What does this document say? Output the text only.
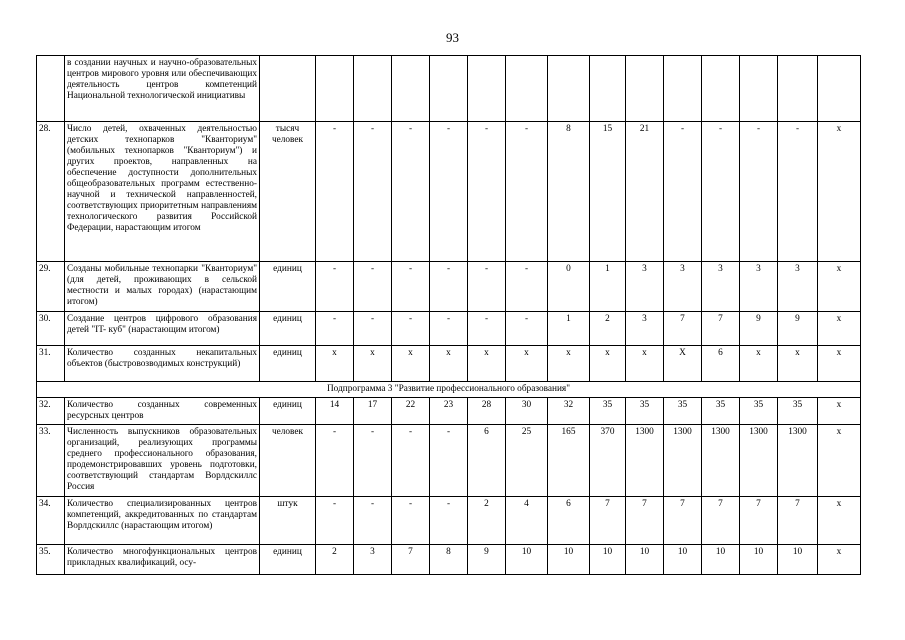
93
	в создании научных и научно-образовательных центров мирового уровня или обеспечивающих деятельность центров компетенций Национальной технологической инициативы															
28.	Число детей, охваченных деятельностью детских технопарков "Кванториум" (мобильных технопарков "Кванториум") и других проектов, направленных на обеспечение доступности дополнительных общеобразовательных программ естественно-научной и технической направленностей, соответствующих приоритетным направлениям технологического развития Российской Федерации, нарастающим итогом	тысяч человек	-	-	-	-	-	-	8	15	21	-	-	-	-	x
29.	Созданы мобильные технопарки "Кванториум" (для детей, проживающих в сельской местности и малых городах) (нарастающим итогом)	единиц	-	-	-	-	-	-	0	1	3	3	3	3	3	x
30.	Создание центров цифрового образования детей "IT- куб" (нарастающим итогом)	единиц	-	-	-	-	-	-	1	2	3	7	7	9	9	x
31.	Количество созданных некапитальных объектов (быстровозводимых конструкций)	единиц	x	x	x	x	x	x	x	x	x	X	6	x	x	x
Подпрограмма 3 "Развитие профессионального образования"																
32.	Количество созданных современных ресурсных центров	единиц	14	17	22	23	28	30	32	35	35	35	35	35	35	x
33.	Численность выпускников образовательных организаций, реализующих программы среднего профессионального образования, продемонстрировавших уровень подготовки, соответствующий стандартам Ворлдскиллс Россия	человек	-	-	-	-	6	25	165	370	1300	1300	1300	1300	1300	x
34.	Количество специализированных центров компетенций, аккредитованных по стандартам Ворлдскиллс (нарастающим итогом)	штук	-	-	-	-	2	4	6	7	7	7	7	7	7	x
35.	Количество многофункциональных центров прикладных квалификаций, осу-	единиц	2	3	7	8	9	10	10	10	10	10	10	10	10	x
